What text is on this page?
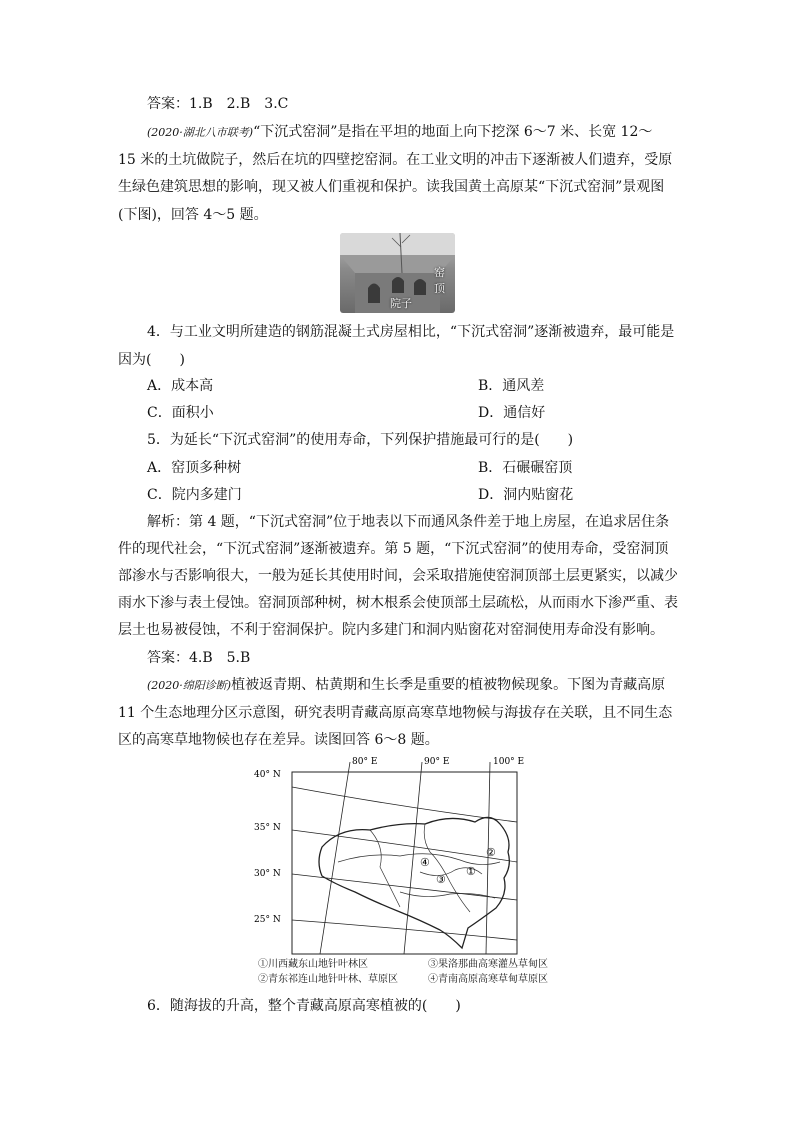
答案：1.B　2.B　3.C
(2020·湖北八市联考)“下沉式窑洞”是指在平坦的地面上向下挖深 6～7 米、长宽 12～
15 米的土坑做院子，然后在坑的四壁挖窑洞。在工业文明的冲击下逐渐被人们遗弃，受原
生绿色建筑思想的影响，现又被人们重视和保护。读我国黄土高原某“下沉式窑洞”景观图
(下图)，回答 4～5 题。
窑顶
院子
4．与工业文明所建造的钢筋混凝土式房屋相比，“下沉式窑洞”逐渐被遗弃，最可能是
因为(　　)
A．成本高	B．通风差
C．面积小	D．通信好
5．为延长“下沉式窑洞”的使用寿命，下列保护措施最可行的是(　　)
A．窑顶多种树	B．石碾碾窑顶
C．院内多建门	D．洞内贴窗花
解析：第 4 题，“下沉式窑洞”位于地表以下而通风条件差于地上房屋，在追求居住条
件的现代社会，“下沉式窑洞”逐渐被遗弃。第 5 题，“下沉式窑洞”的使用寿命，受窑洞顶
部渗水与否影响很大，一般为延长其使用时间，会采取措施使窑洞顶部土层更紧实，以减少
雨水下渗与表土侵蚀。窑洞顶部种树，树木根系会使顶部土层疏松，从而雨水下渗严重、表
层土也易被侵蚀，不利于窑洞保护。院内多建门和洞内贴窗花对窑洞使用寿命没有影响。
答案：4.B　5.B
(2020·绵阳诊断)植被返青期、枯黄期和生长季是重要的植被物候现象。下图为青藏高原
11 个生态地理分区示意图，研究表明青藏高原高寒草地物候与海拔存在关联，且不同生态
区的高寒草地物候也存在差异。读图回答 6～8 题。
80° E	90° E	100° E
40° N
35° N
30° N
25° N
①
②
③
④
①川西藏东山地针叶林区	③果洛那曲高寒灌丛草甸区
②青东祁连山地针叶林、草原区	④青南高原高寒草甸草原区
6．随海拔的升高，整个青藏高原高寒植被的(　　)
